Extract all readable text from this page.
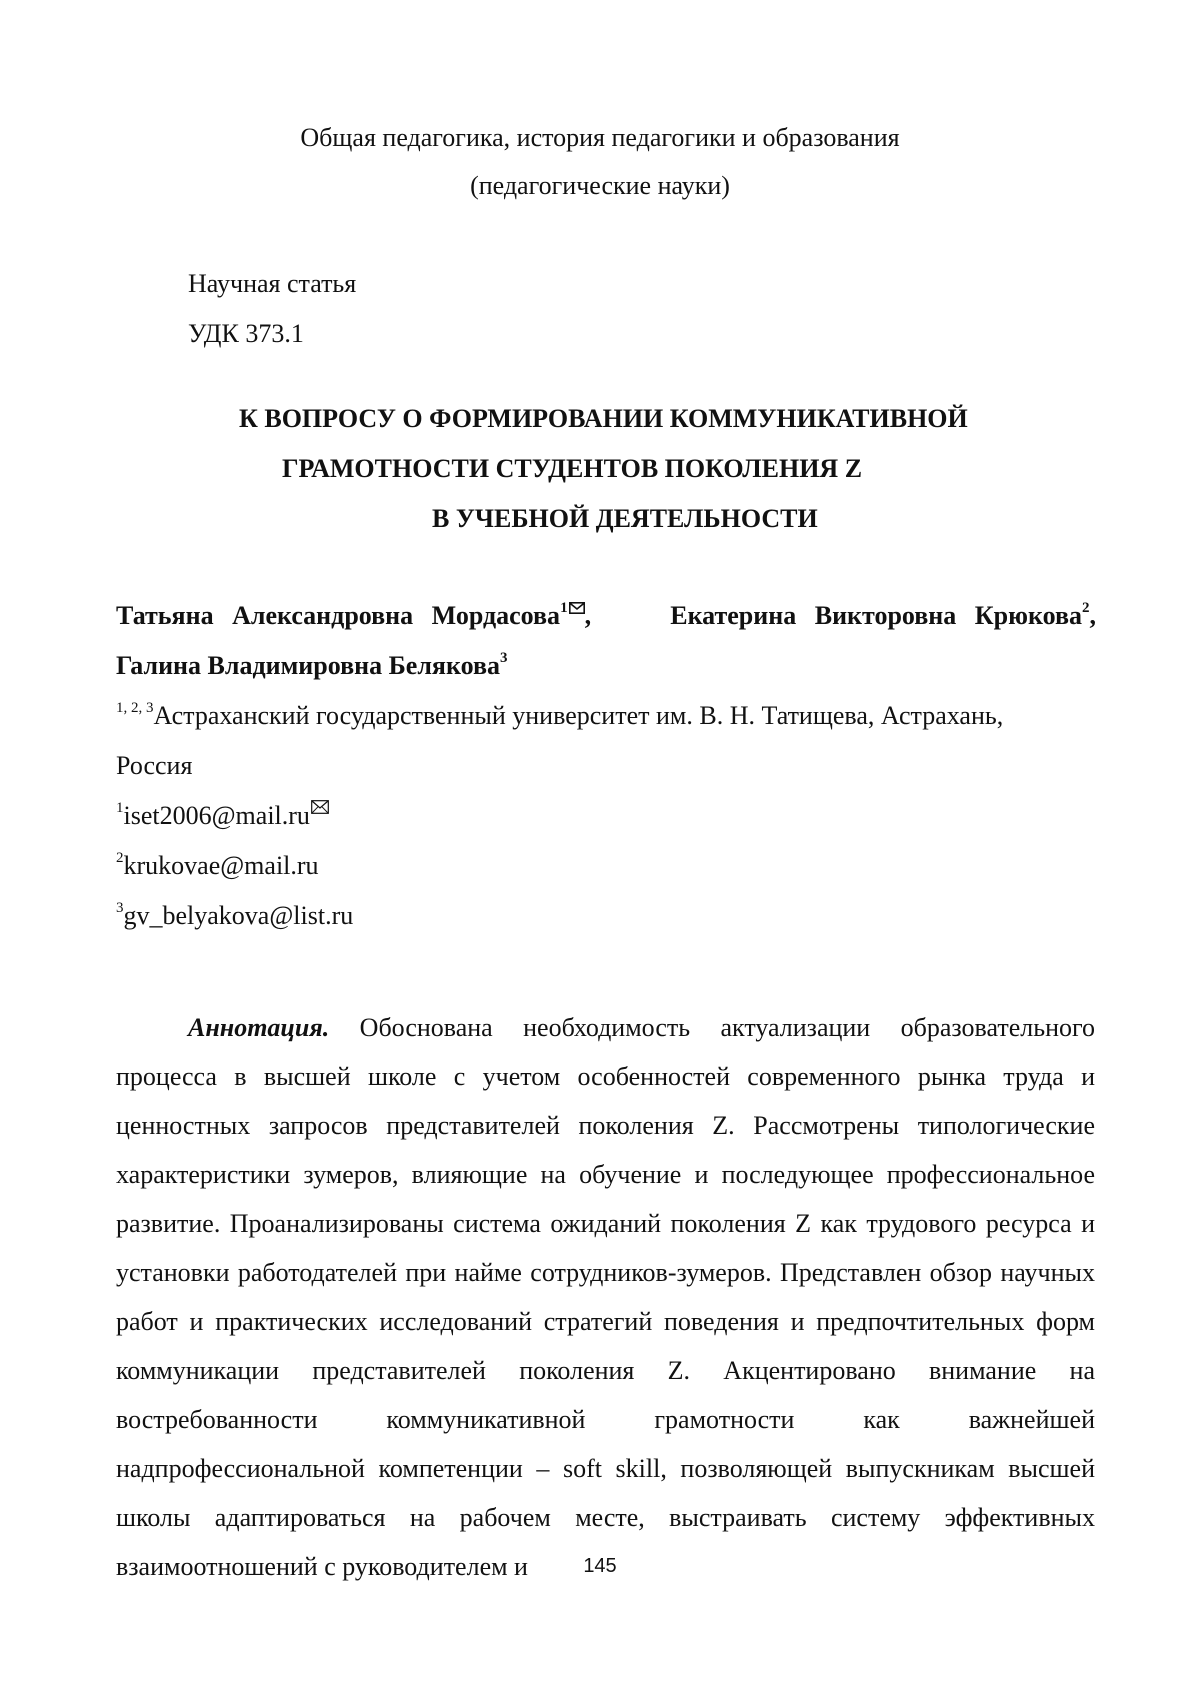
Общая педагогика, история педагогики и образования
(педагогические науки)
Научная статья
УДК 373.1
К ВОПРОСУ О ФОРМИРОВАНИИ КОММУНИКАТИВНОЙ
ГРАМОТНОСТИ СТУДЕНТОВ ПОКОЛЕНИЯ Z
В УЧЕБНОЙ ДЕЯТЕЛЬНОСТИ
Татьяна Александровна Мордасова$^1$ ,	Екатерина Викторовна Крюкова$^2$,
Галина Владимировна Белякова$^3$
$^{1, 2, 3}$Астраханский государственный университет им. В. Н. Татищева, Астрахань,
Россия
$^1$iset2006@mail.ru
$^2$krukovae@mail.ru
$^3$gv_belyakova@list.ru
Аннотация. Обоснована необходимость актуализации образовательного процесса в высшей школе с учетом особенностей современного рынка труда и ценностных запросов представителей поколения Z. Рассмотрены типологические характеристики зумеров, влияющие на обучение и последующее профессиональное развитие. Проанализированы система ожиданий поколения Z как трудового ресурса и установки работодателей при найме сотрудников-зумеров. Представлен обзор научных работ и практических исследований стратегий поведения и предпочтительных форм коммуникации представителей поколения Z. Акцентировано внимание на востребованности коммуникативной грамотности как важнейшей надпрофессиональной компетенции – soft skill, позволяющей выпускникам высшей школы адаптироваться на рабочем месте, выстраивать систему эффективных взаимоотношений с руководителем и	145
